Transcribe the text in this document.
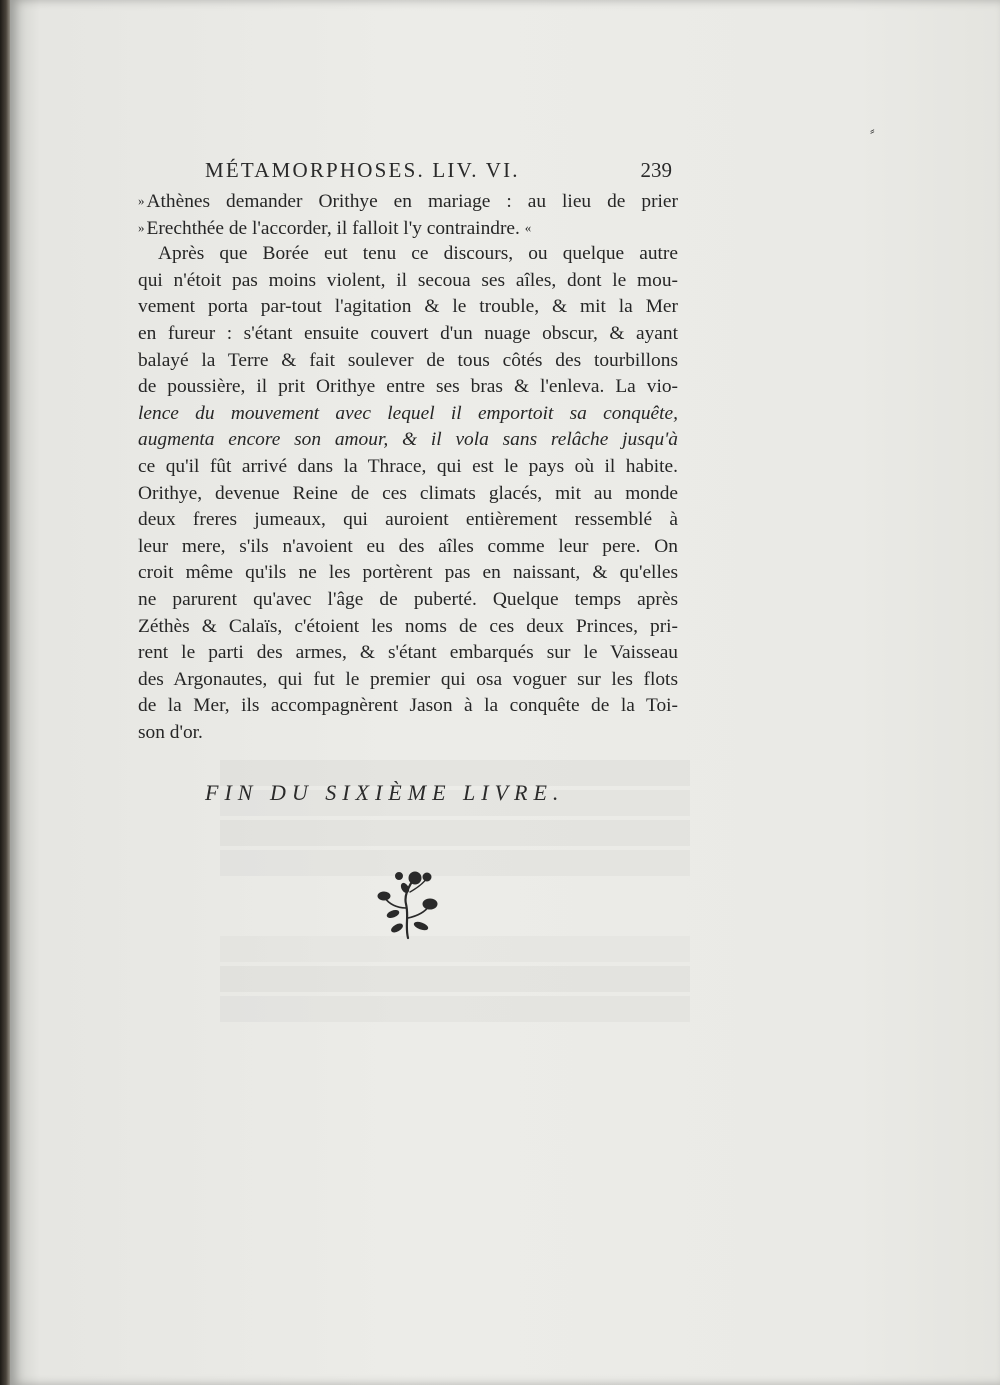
⸗
MÉTAMORPHOSES. LIV. VI.	239
» Athènes demander Orithye en mariage : au lieu de prier
» Erechthée de l'accorder, il falloit l'y contraindre. «
Après que Borée eut tenu ce discours, ou quelque autre
qui n'étoit pas moins violent, il secoua ses aîles, dont le mou-
vement porta par-tout l'agitation & le trouble, & mit la Mer
en fureur : s'étant ensuite couvert d'un nuage obscur, & ayant
balayé la Terre & fait soulever de tous côtés des tourbillons
de poussière, il prit Orithye entre ses bras & l'enleva. La vio-
lence du mouvement avec lequel il emportoit sa conquête,
augmenta encore son amour, & il vola sans relâche jusqu'à
ce qu'il fût arrivé dans la Thrace, qui est le pays où il habite.
Orithye, devenue Reine de ces climats glacés, mit au monde
deux freres jumeaux, qui auroient entièrement ressemblé à
leur mere, s'ils n'avoient eu des aîles comme leur pere. On
croit même qu'ils ne les portèrent pas en naissant, & qu'elles
ne parurent qu'avec l'âge de puberté. Quelque temps après
Zéthès & Calaïs, c'étoient les noms de ces deux Princes, pri-
rent le parti des armes, & s'étant embarqués sur le Vaisseau
des Argonautes, qui fut le premier qui osa voguer sur les flots
de la Mer, ils accompagnèrent Jason à la conquête de la Toi-
son d'or.
FIN DU SIXIÈME LIVRE.
